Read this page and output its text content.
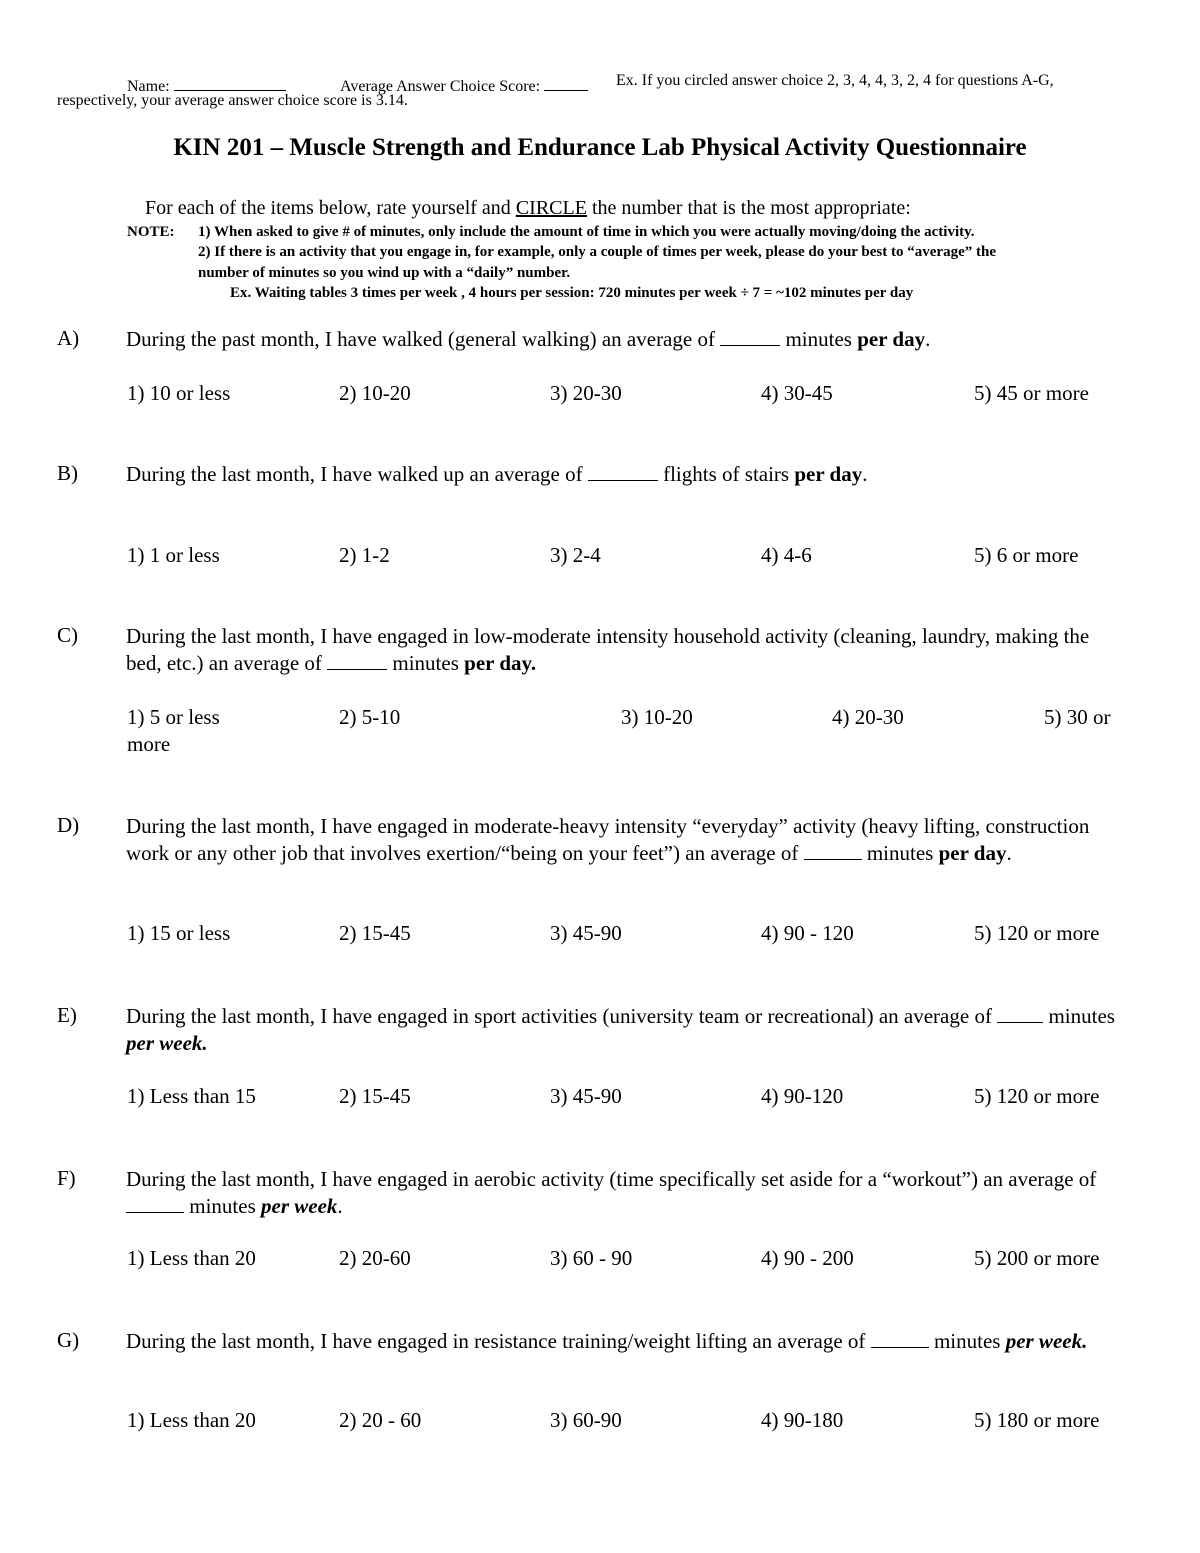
Name:	Average Answer Choice Score:	Ex. If you circled answer choice 2, 3, 4, 4, 3, 2, 4 for questions A-G,
respectively, your average answer choice score is 3.14.
KIN 201 – Muscle Strength and Endurance Lab Physical Activity Questionnaire
For each of the items below, rate yourself and CIRCLE the number that is the most appropriate:
NOTE: 1) When asked to give # of minutes, only include the amount of time in which you were actually moving/doing the activity.
2) If there is an activity that you engage in, for example, only a couple of times per week, please do your best to “average” the
number of minutes so you wind up with a “daily” number.
Ex. Waiting tables 3 times per week , 4 hours per session: 720 minutes per week ÷ 7 = ~102 minutes per day
A) During the past month, I have walked (general walking) an average of	minutes per day.
1) 10 or less	2) 10-20	3) 20-30	4) 30-45	5) 45 or more
B) During the last month, I have walked up an average of	flights of stairs per day.
1) 1 or less	2) 1-2	3) 2-4	4) 4-6	5) 6 or more
C) During the last month, I have engaged in low-moderate intensity household activity (cleaning, laundry, making the bed, etc.) an average of	minutes per day.
1) 5 or less	2) 5-10	3) 10-20	4) 20-30	5) 30 or
more
D) During the last month, I have engaged in moderate-heavy intensity “everyday” activity (heavy lifting, construction work or any other job that involves exertion/“being on your feet”) an average of	minutes per day.
1) 15 or less	2) 15-45	3) 45-90	4) 90 - 120	5) 120 or more
E) During the last month, I have engaged in sport activities (university team or recreational) an average of	minutes per week.
1) Less than 15	2) 15-45	3) 45-90	4) 90-120	5) 120 or more
F) During the last month, I have engaged in aerobic activity (time specifically set aside for a “workout”) an average of  minutes per week.
1) Less than 20	2) 20-60	3) 60 - 90	4) 90 - 200	5) 200 or more
G) During the last month, I have engaged in resistance training/weight lifting an average of	minutes per week.
1) Less than 20	2) 20 - 60	3) 60-90	4) 90-180	5) 180 or more
